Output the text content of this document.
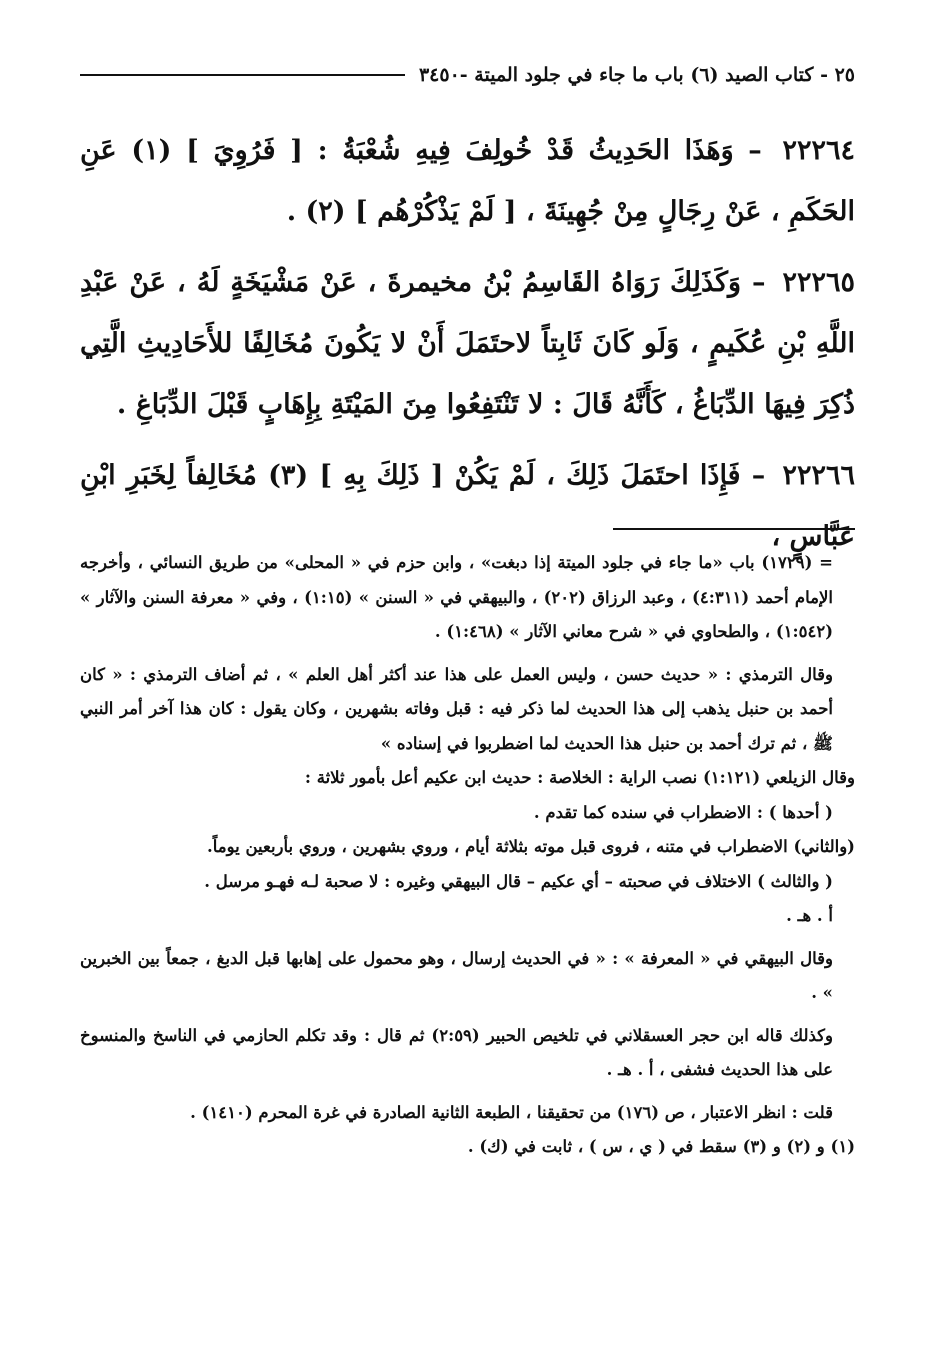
٢٥ - كتاب الصيد (٦) باب ما جاء في جلود الميتة -٣٤٥٠

٢٢٢٦٤ – وَهَذَا الحَدِيثُ قَدْ خُولِفَ فِيهِ شُعْبَةُ : [ فَرُوِيَ ] (١) عَنِ الحَكَمِ ، عَنْ رِجَالٍ مِنْ جُهِينَةَ ، [ لَمْ يَذْكُرْهُم ] (٢) .

٢٢٢٦٥ – وَكَذَلِكَ رَوَاهُ القَاسِمُ بْنُ مخيمرةَ ، عَنْ مَشْيَخَةٍ لَهُ ، عَنْ عَبْدِ اللَّهِ بْنِ عُكَيمٍ ، وَلَو كَانَ ثَابِتاً لاحتَمَلَ أَنْ لا يَكُونَ مُخَالِفًا للأَحَادِيثِ الَّتِي ذُكِرَ فِيهَا الدِّبَاغُ ، كَأَنَّهُ قَالَ : لا تَنْتَفِعُوا مِنَ المَيْتَةِ بِإِهَابٍ قَبْلَ الدِّبَاغِ .

٢٢٢٦٦ – فَإِذَا احتَمَلَ ذَلِكَ ، لَمْ يَكُنْ [ ذَلِكَ بِهِ ] (٣) مُخَالِفاً لِخَبَرِ ابْنِ عَبَّاسٍ ،

= (١٧٢٩) باب «ما جاء في جلود الميتة إذا دبغت» ، وابن حزم في « المحلى» من طريق النسائي ، وأخرجه الإمام أحمد (٤:٣١١) ، وعبد الرزاق (٢٠٢) ، والبيهقي في « السنن » (١:١٥) ، وفي « معرفة السنن والآثار » (١:٥٤٢) ، والطحاوي في « شرح معاني الآثار » (١:٤٦٨) .

وقال الترمذي : « حديث حسن ، وليس العمل على هذا عند أكثر أهل العلم » ، ثم أضاف الترمذي : « كان أحمد بن حنبل يذهب إلى هذا الحديث لما ذكر فيه : قبل وفاته بشهرين ، وكان يقول : كان هذا آخر أمر النبي ﷺ ، ثم ترك أحمد بن حنبل هذا الحديث لما اضطربوا في إسناده »

وقال الزيلعي (١:١٢١) نصب الراية : الخلاصة : حديث ابن عكيم أعل بأمور ثلاثة :

( أحدها ) : الاضطراب في سنده كما تقدم .

(والثاني) الاضطراب في متنه ، فروى قبل موته بثلاثة أيام ، وروي بشهرين ، وروي بأربعين يوماً.

( والثالث ) الاختلاف في صحبته – أي عكيم – قال البيهقي وغيره : لا صحبة لـه فهـو مرسل .

أ . هـ .

وقال البيهقي في « المعرفة » : « في الحديث إرسال ، وهو محمول على إهابها قبل الدبغ ، جمعاً بين الخبرين » .

وكذلك قاله ابن حجر العسقلاني في تلخيص الحبير (٢:٥٩) ثم قال : وقد تكلم الحازمي في الناسخ والمنسوخ على هذا الحديث فشفى ، أ . هـ .

قلت : انظر الاعتبار ، ص (١٧٦) من تحقيقنا ، الطبعة الثانية الصادرة في غرة المحرم (١٤١٠) .

(١) و (٢) و (٣) سقط في ( ي ، س ) ، ثابت في (ك) .
